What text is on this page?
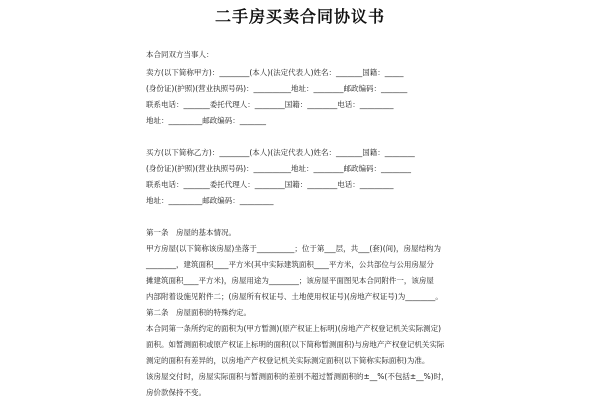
二手房买卖合同协议书
本合同双方当事人：
卖方(以下简称甲方)：________(本人)(法定代表人)姓名：_______国籍：_____
(身份证)(护照)(营业执照号码)：__________地址：________邮政编码：_______
联系电话：_______委托代理人：________国籍：________电话：_________
地址：_________邮政编码：_______
买方(以下简称乙方)：________(本人)(法定代表人)姓名：_______国籍：________
(身份证)(护照)(营业执照号码)：__________地址：________邮政编码：________
联系电话：_______委托代理人：________国籍：________电话：_________
地址：_________邮政编码：_________
第一条　房屋的基本情况。
甲方房屋(以下简称该房屋)坐落于__________；位于第___层，共___(套)(间)，房屋结构为
________，建筑面积____平方米(其中实际建筑面积____平方米，公共部位与公用房屋分
摊建筑面积____平方米)，房屋用途为________；该房屋平面图见本合同附件一，该房屋
内部附着设施见附件二；(房屋所有权证号、土地使用权证号)(房地产权证号)为________。
第二条　房屋面积的特殊约定。
本合同第一条所约定的面积为(甲方暂测)(原产权证上标明)(房地产产权登记机关实际测定)
面积。如暂测面积或原产权证上标明的面积(以下简称暂测面积)与房地产产权登记机关实际
测定的面积有差异的，以房地产产权登记机关实际测定面积(以下简称实际面积)为准。
该房屋交付时，房屋实际面积与暂测面积的差别不超过暂测面积的±__%(不包括±__%)时，
房价款保持不变。
